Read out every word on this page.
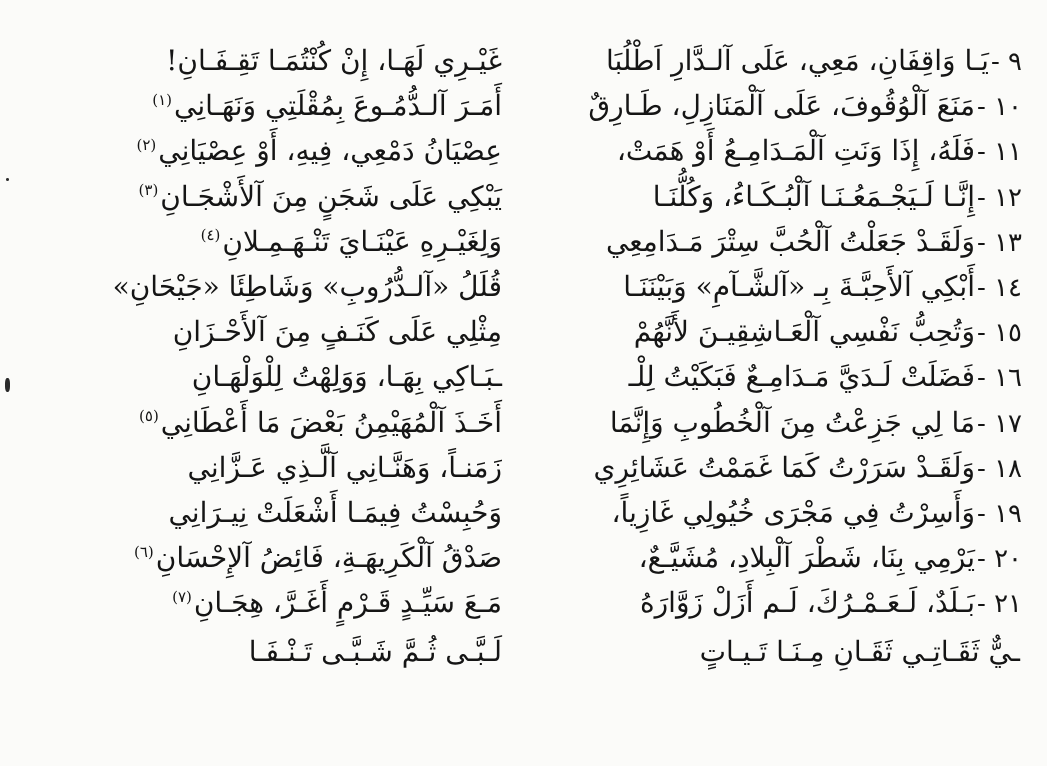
٩ -يَـا وَاقِفَانِ، مَعِي، عَلَى آلـدَّارِ اَطْلُبَا
غَيْـرِي لَهَـا، إِنْ كُنْتُمَـا تَقِـفَـانِ!
١٠ -مَنَعَ آلْوُقُوفَ، عَلَى آلْمَنَازِلِ، طَـارِقٌ
أَمَـرَ آلـدُّمُـوعَ بِمُقْلَتِي وَنَهَـانِي$^{(١)}$
١١ -فَلَهُ، إِذَا وَنَتِ آلْمَـدَامِـعُ أَوْ هَمَتْ،
عِصْيَانُ دَمْعِي، فِيهِ، أَوْ عِصْيَانِي$^{(٢)}$
١٢ -إِنَّـا لَـيَجْـمَعُـنَـا آلْبُـكَـاءُ، وَكُلُّنَـا
يَبْكِي عَلَى شَجَنٍ مِنَ آلأَشْجَـانِ$^{(٣)}$
١٣ -وَلَقَـدْ جَعَلْتُ آلْحُبَّ سِتْرَ مَـدَامِعِي
وَلِغَيْـرِهِ عَيْنَـايَ تَنْـهَـمِـلانِ$^{(٤)}$
١٤ -أَبْكِي آلأَحِبَّـةَ بِـ «آلشَّـآمِ» وَبَيْنَنَـا
قُلَلُ «آلـدُّرُوبِ» وَشَاطِئَا «جَيْحَانِ»
١٥ -وَتُحِبُّ نَفْسِي آلْعَـاشِقِيـنَ لأَنَّهُمْ
مِثْلِي عَلَى كَنَـفٍ مِنَ آلأَحْـزَانِ
١٦ -فَضَلَتْ لَـدَيَّ مَـدَامِـعٌ فَبَكَيْتُ لِلْـ
ـبَـاكِي بِهَـا، وَوَلِهْتُ لِلْوَلْهَـانِ
١٧ -مَا لِي جَزِعْتُ مِنَ آلْخُطُوبِ وَإِنَّمَا
أَخَـذَ آلْمُهَيْمِنُ بَعْضَ مَا أَعْطَانِي$^{(٥)}$
١٨ -وَلَقَـدْ سَرَرْتُ كَمَا غَمَمْتُ عَشَائِرِي
زَمَنـاً، وَهَنَّـانِي آلَّـذِي عَـزَّانِي
١٩ -وَأَسِرْتُ فِي مَجْرَى خُيُولِي غَازِياً،
وَحُبِسْتُ فِيمَـا أَشْعَلَتْ نِيـرَانِي
٢٠ -يَرْمِي بِنَا، شَطْرَ آلْبِلادِ، مُشَيَّـعٌ،
صَدْقُ آلْكَرِيهَـةِ، فَائِضُ آلإِحْسَانِ$^{(٦)}$
٢١ -بَـلَدٌ، لَـعَـمْـرُكَ، لَـم أَزَلْ زَوَّارَهُ
مَـعَ سَيِّـدٍ قَـرْمٍ أَغَـرَّ، هِجَـانِ$^{(٧)}$
ـيٌّ ثَقَـاتِـي ثَقَـانِ مِـنَـا تَـيـاتٍ
لَـبَّـى ثُـمَّ شَـبَّـى تَـنْـفَـا
